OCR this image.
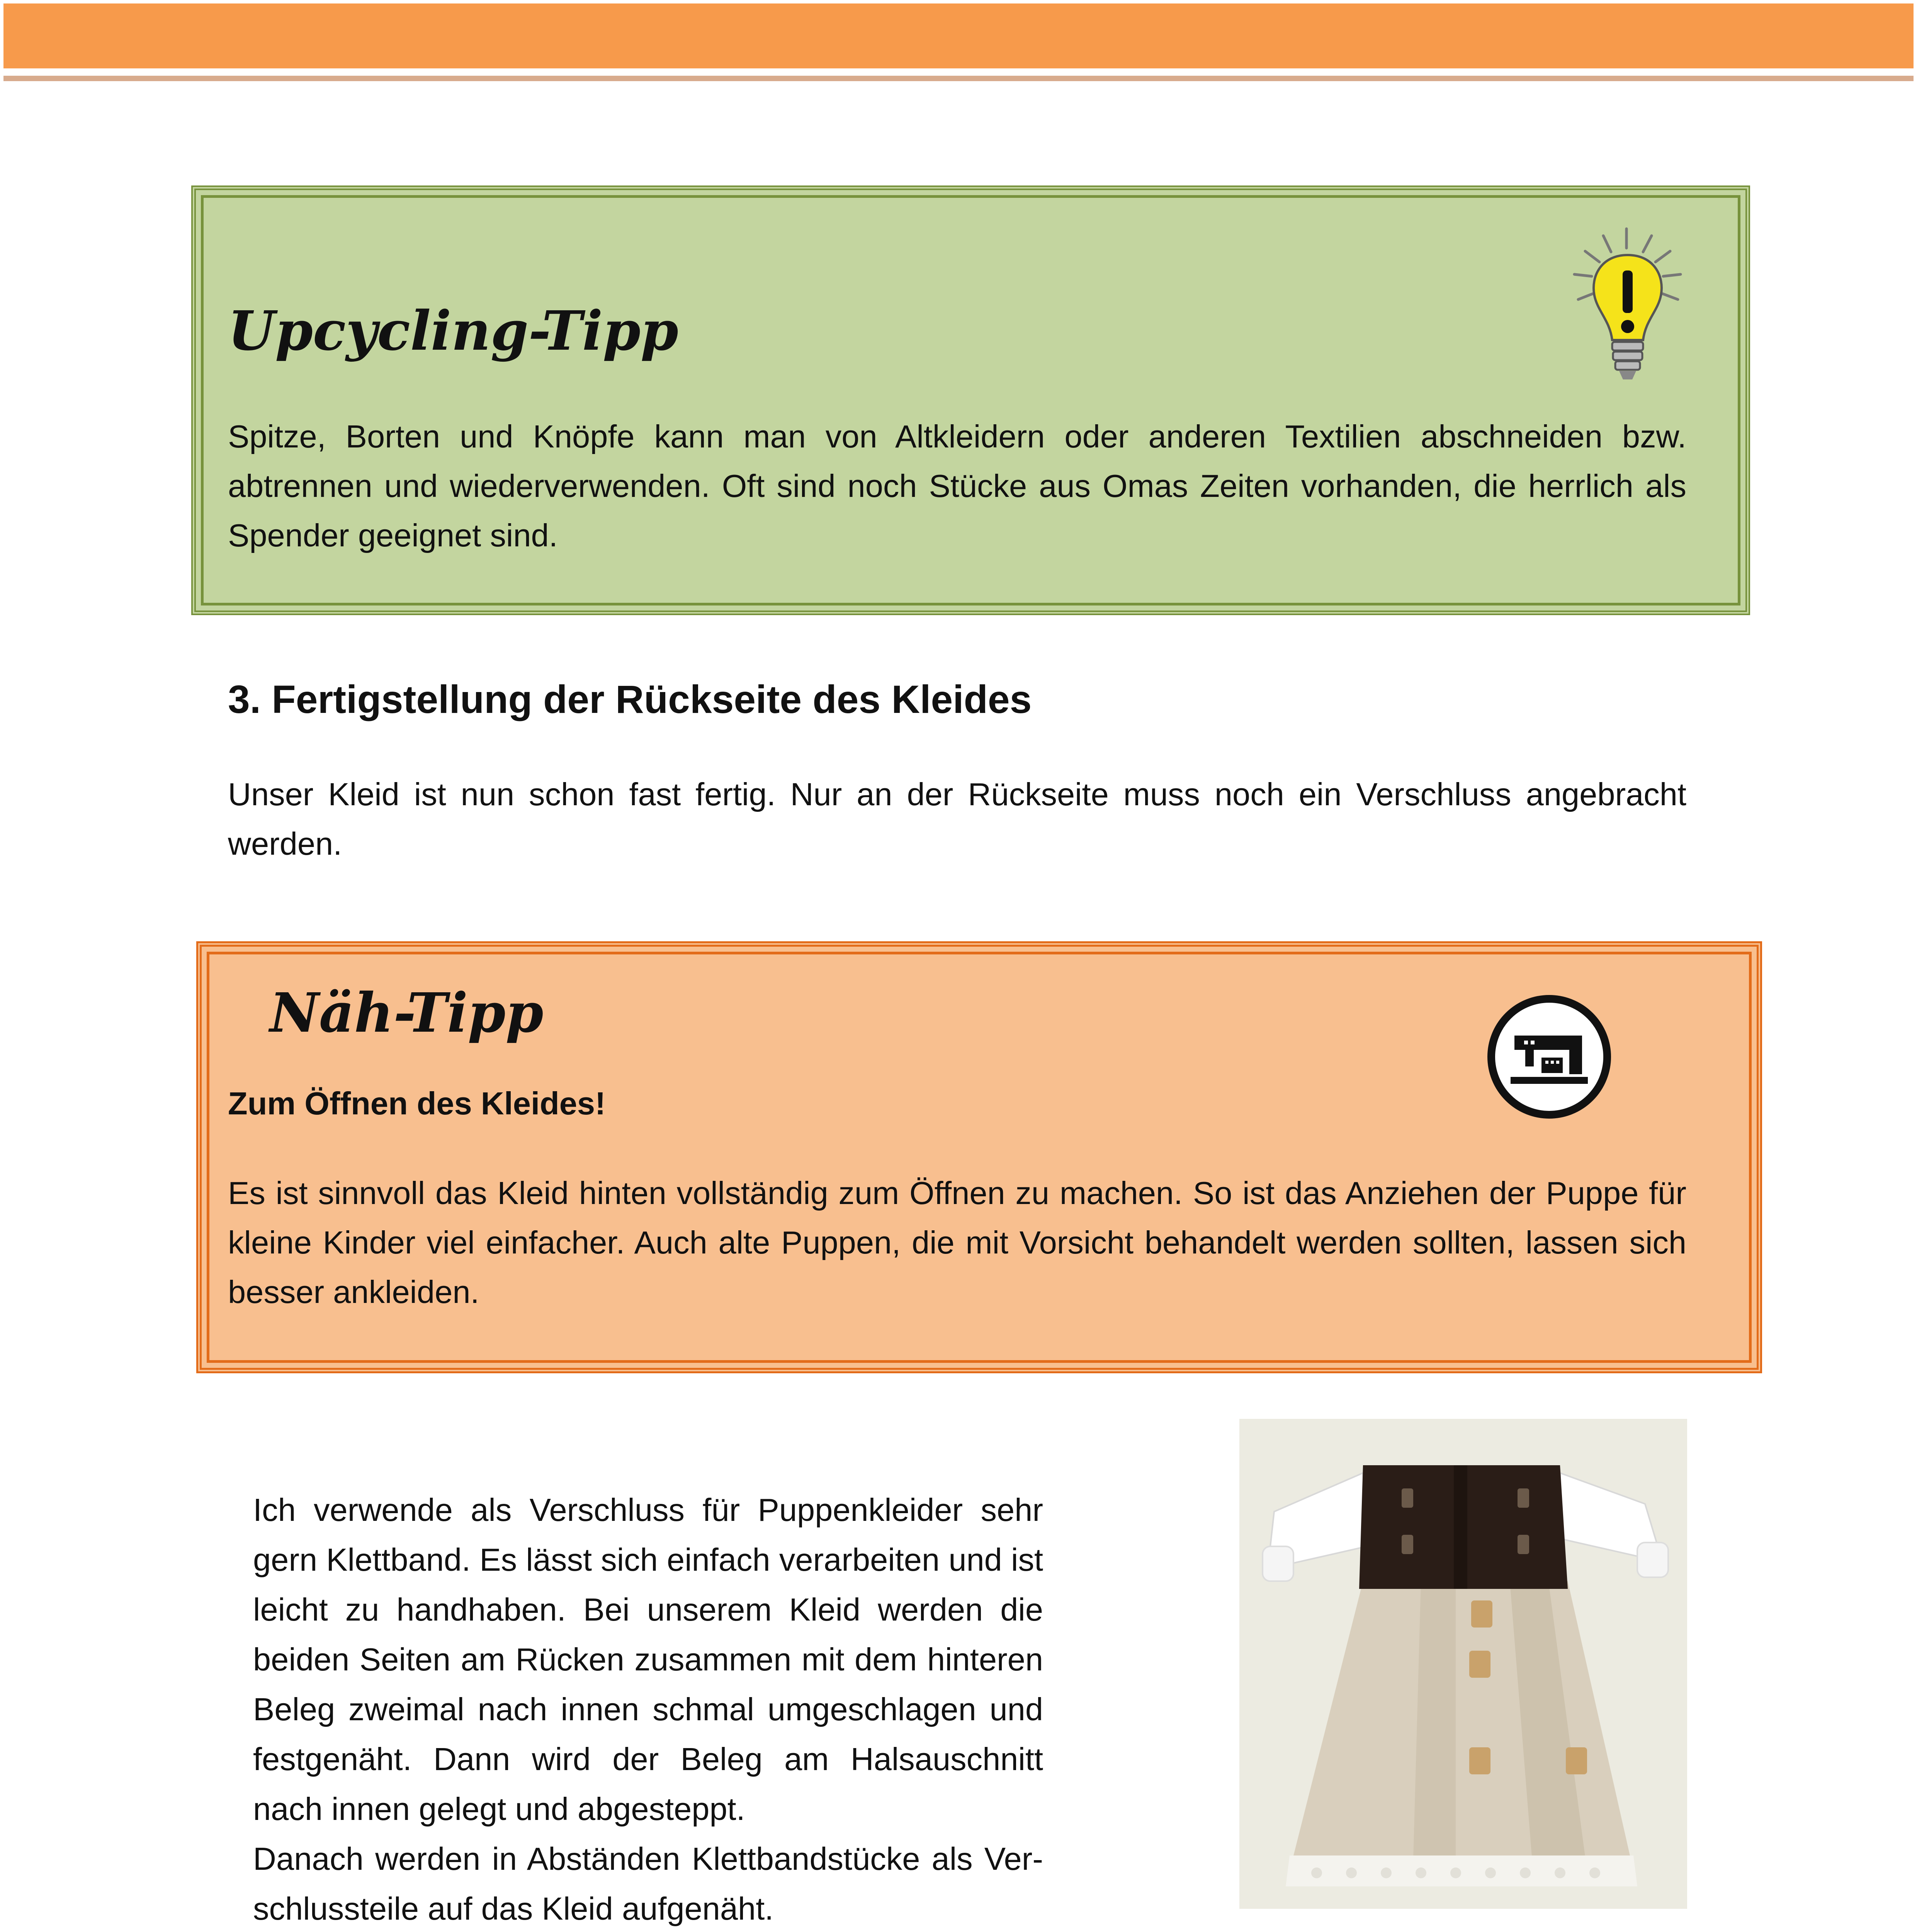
Upcycling-Tipp
Spitze, Borten und Knöpfe kann man von Altkleidern oder anderen Textilien abschneiden bzw. abtrennen und wiederverwenden. Oft sind noch Stücke aus Omas Zeiten vorhanden, die herrlich als Spender geeignet sind.
3. Fertigstellung der Rückseite des Kleides
Unser Kleid ist nun schon fast fertig. Nur an der Rückseite muss noch ein Verschluss angebracht werden.
Näh-Tipp
Zum Öffnen des Kleides!
Es ist sinnvoll das Kleid hinten vollständig zum Öffnen zu machen. So ist das Anziehen der Puppe für kleine Kinder viel einfacher. Auch alte Puppen, die mit Vorsicht behandelt werden sollten, lassen sich besser ankleiden.

Ich verwende als Verschluss für Puppenkleider sehr gern Klettband. Es lässt sich einfach verarbeiten und ist leicht zu handhaben. Bei unserem Kleid werden die beiden Seiten am Rücken zusammen mit dem hinteren Beleg zweimal nach innen schmal umgeschlagen und festgenäht. Dann wird der Beleg am Halsauschnitt nach innen gelegt und abgesteppt.

Danach werden in Abständen Klettbandstücke als Verschlussteile auf das Kleid aufgenäht.
